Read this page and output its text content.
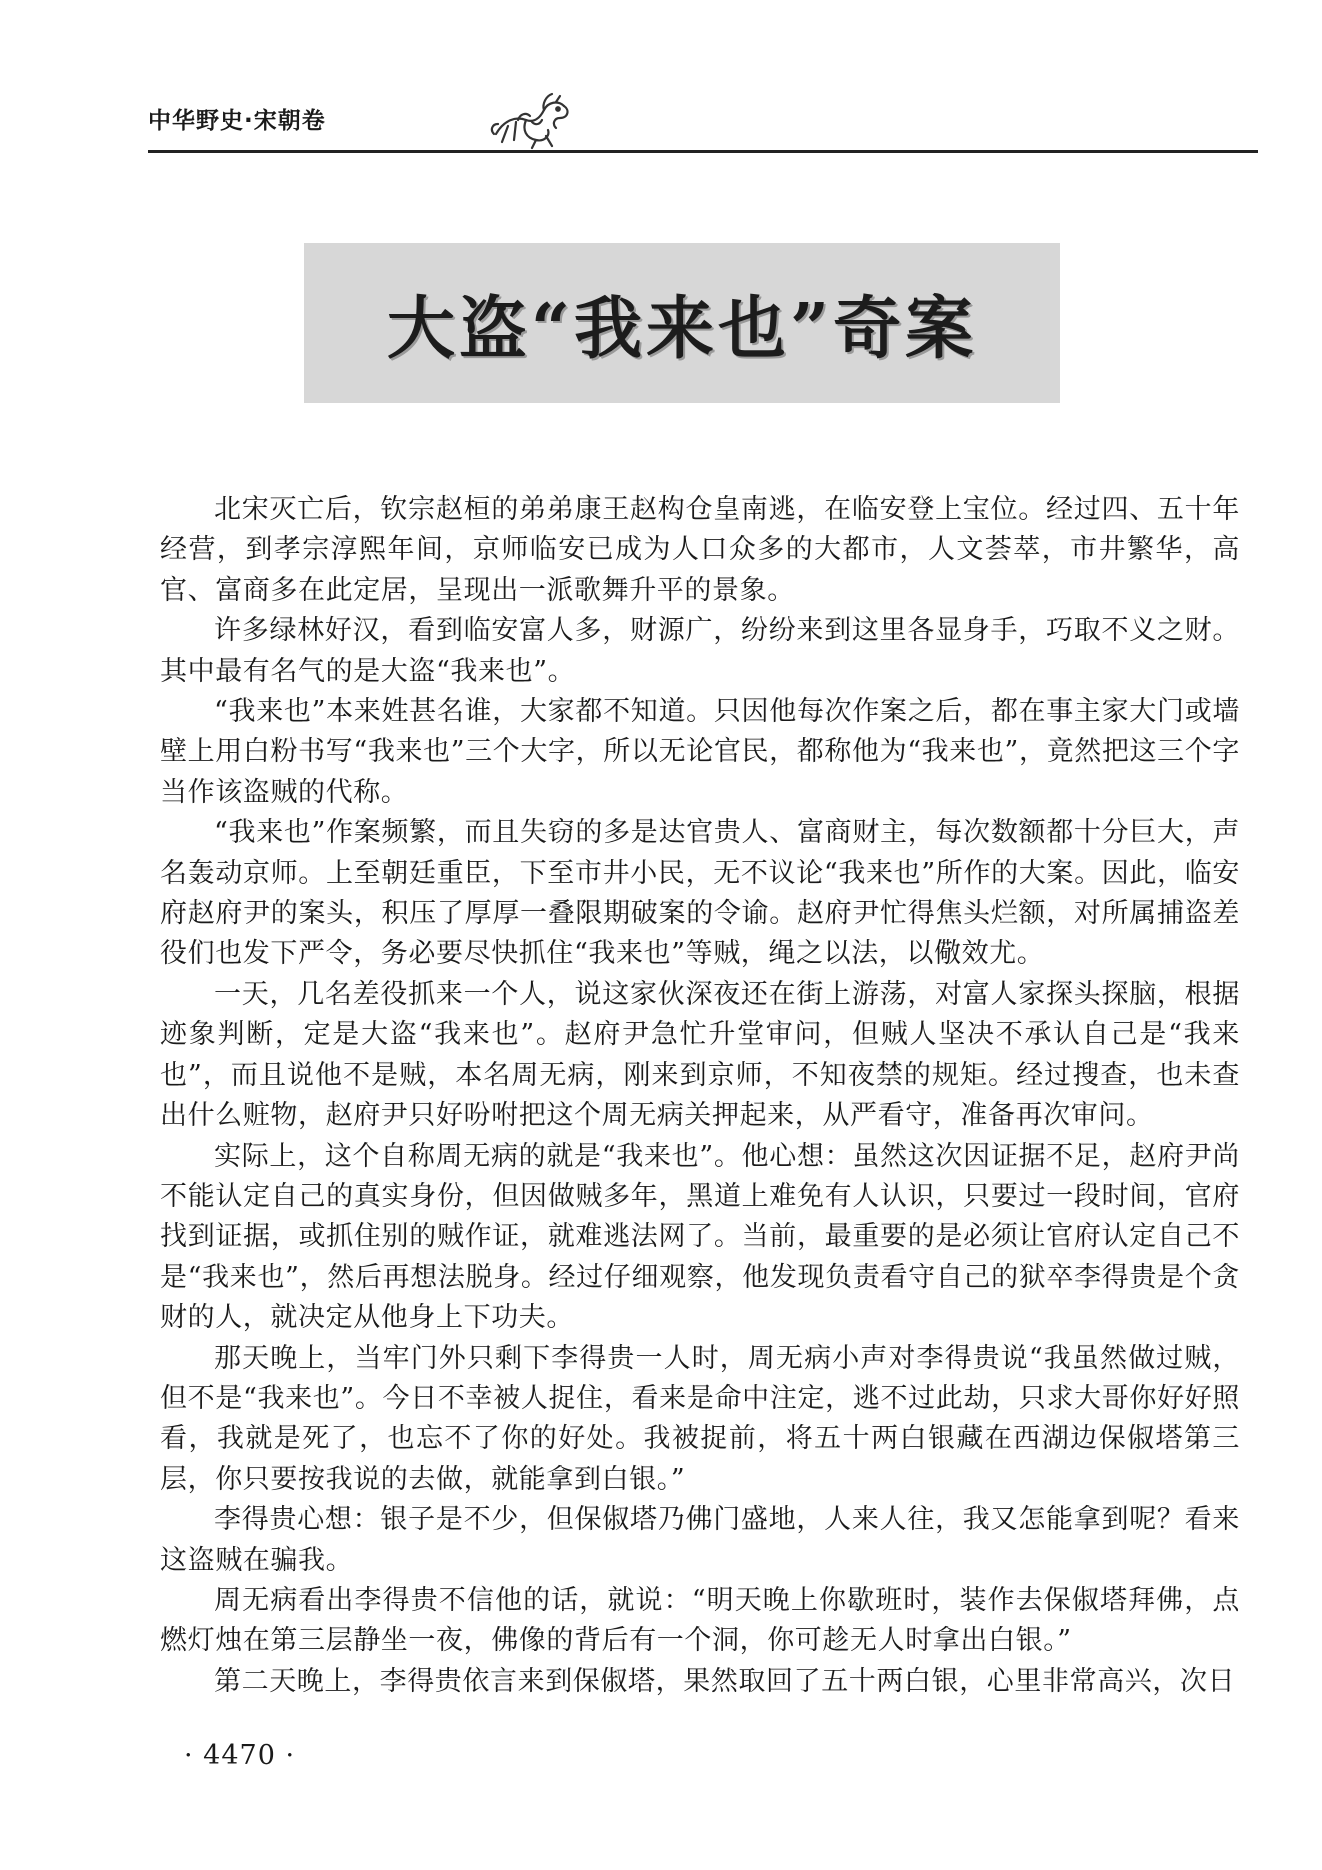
中华野史·宋朝卷
大盗“我来也”奇案

北宋灭亡后，钦宗赵桓的弟弟康王赵构仓皇南逃，在临安登上宝位。经过四、五十年经营，到孝宗淳熙年间，京师临安已成为人口众多的大都市，人文荟萃，市井繁华，高官、富商多在此定居，呈现出一派歌舞升平的景象。

许多绿林好汉，看到临安富人多，财源广，纷纷来到这里各显身手，巧取不义之财。其中最有名气的是大盗“我来也”。

“我来也”本来姓甚名谁，大家都不知道。只因他每次作案之后，都在事主家大门或墙壁上用白粉书写“我来也”三个大字，所以无论官民，都称他为“我来也”，竟然把这三个字当作该盗贼的代称。

“我来也”作案频繁，而且失窃的多是达官贵人、富商财主，每次数额都十分巨大，声名轰动京师。上至朝廷重臣，下至市井小民，无不议论“我来也”所作的大案。因此，临安府赵府尹的案头，积压了厚厚一叠限期破案的令谕。赵府尹忙得焦头烂额，对所属捕盗差役们也发下严令，务必要尽快抓住“我来也”等贼，绳之以法，以儆效尤。

一天，几名差役抓来一个人，说这家伙深夜还在街上游荡，对富人家探头探脑，根据迹象判断，定是大盗“我来也”。赵府尹急忙升堂审问，但贼人坚决不承认自己是“我来也”，而且说他不是贼，本名周无病，刚来到京师，不知夜禁的规矩。经过搜查，也未查出什么赃物，赵府尹只好吩咐把这个周无病关押起来，从严看守，准备再次审问。

实际上，这个自称周无病的就是“我来也”。他心想：虽然这次因证据不足，赵府尹尚不能认定自己的真实身份，但因做贼多年，黑道上难免有人认识，只要过一段时间，官府找到证据，或抓住别的贼作证，就难逃法网了。当前，最重要的是必须让官府认定自己不是“我来也”，然后再想法脱身。经过仔细观察，他发现负责看守自己的狱卒李得贵是个贪财的人，就决定从他身上下功夫。

那天晚上，当牢门外只剩下李得贵一人时，周无病小声对李得贵说“我虽然做过贼，但不是“我来也”。今日不幸被人捉住，看来是命中注定，逃不过此劫，只求大哥你好好照看，我就是死了，也忘不了你的好处。我被捉前，将五十两白银藏在西湖边保俶塔第三层，你只要按我说的去做，就能拿到白银。”

李得贵心想：银子是不少，但保俶塔乃佛门盛地，人来人往，我又怎能拿到呢？看来这盗贼在骗我。

周无病看出李得贵不信他的话，就说：“明天晚上你歇班时，装作去保俶塔拜佛，点燃灯烛在第三层静坐一夜，佛像的背后有一个洞，你可趁无人时拿出白银。”

第二天晚上，李得贵依言来到保俶塔，果然取回了五十两白银，心里非常高兴，次日

· 4470 ·
